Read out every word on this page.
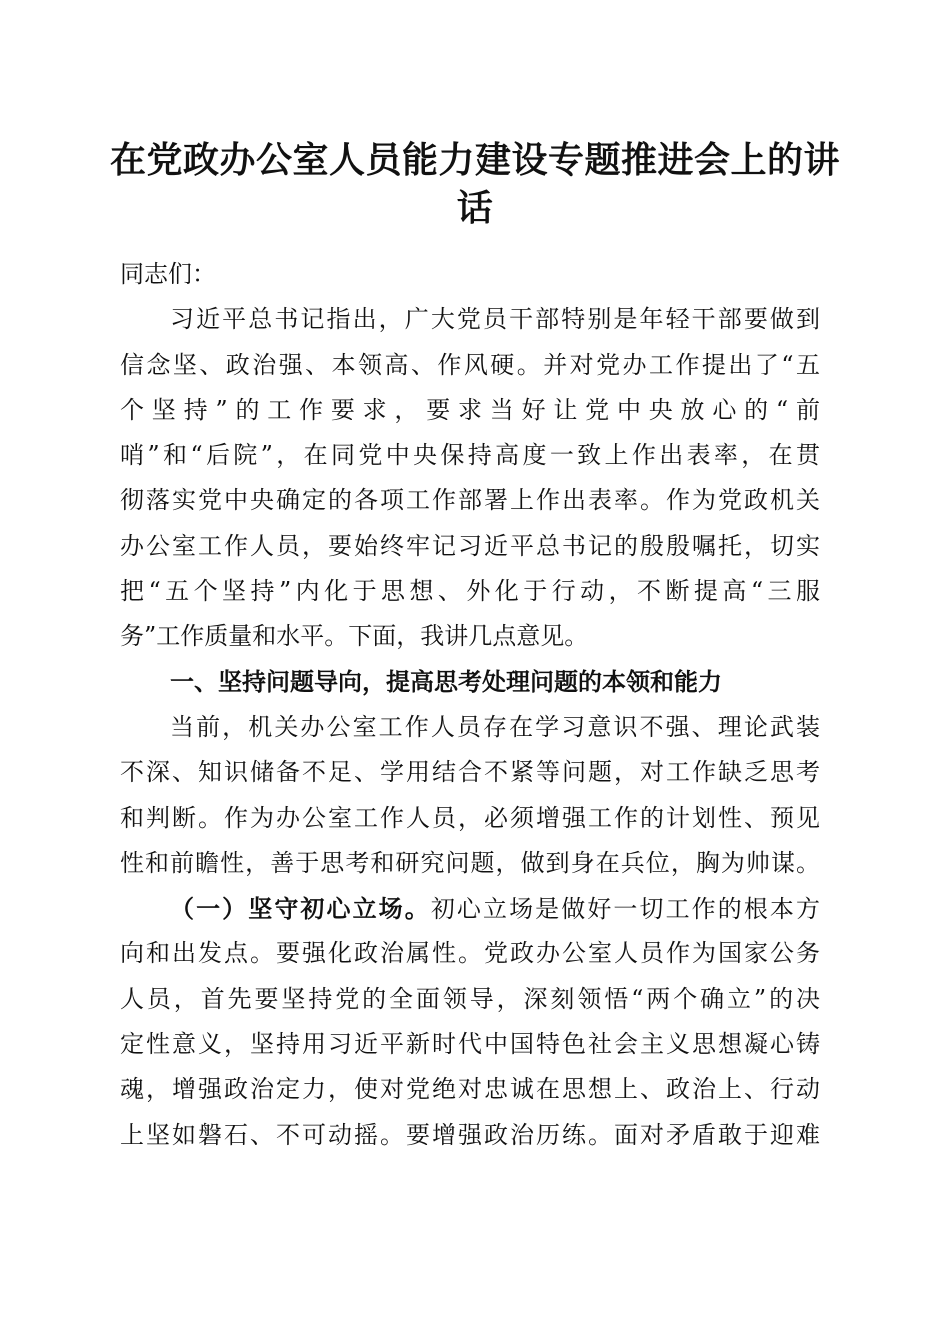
在党政办公室人员能力建设专题推进会上的讲
话
同志们：
习近平总书记指出，广大党员干部特别是年轻干部要做到
信念坚、政治强、本领高、作风硬。并对党办工作提出了“五
个坚持”的工作要求，要求当好让党中央放心的“前
哨”和“后院”，在同党中央保持高度一致上作出表率，在贯
彻落实党中央确定的各项工作部署上作出表率。作为党政机关
办公室工作人员，要始终牢记习近平总书记的殷殷嘱托，切实
把“五个坚持”内化于思想、外化于行动，不断提高“三服
务”工作质量和水平。下面，我讲几点意见。
一、坚持问题导向，提高思考处理问题的本领和能力
当前，机关办公室工作人员存在学习意识不强、理论武装
不深、知识储备不足、学用结合不紧等问题，对工作缺乏思考
和判断。作为办公室工作人员，必须增强工作的计划性、预见
性和前瞻性，善于思考和研究问题，做到身在兵位，胸为帅谋。
（一）坚守初心立场。初心立场是做好一切工作的根本方
向和出发点。要强化政治属性。党政办公室人员作为国家公务
人员，首先要坚持党的全面领导，深刻领悟“两个确立”的决
定性意义，坚持用习近平新时代中国特色社会主义思想凝心铸
魂，增强政治定力，使对党绝对忠诚在思想上、政治上、行动
上坚如磐石、不可动摇。要增强政治历练。面对矛盾敢于迎难
